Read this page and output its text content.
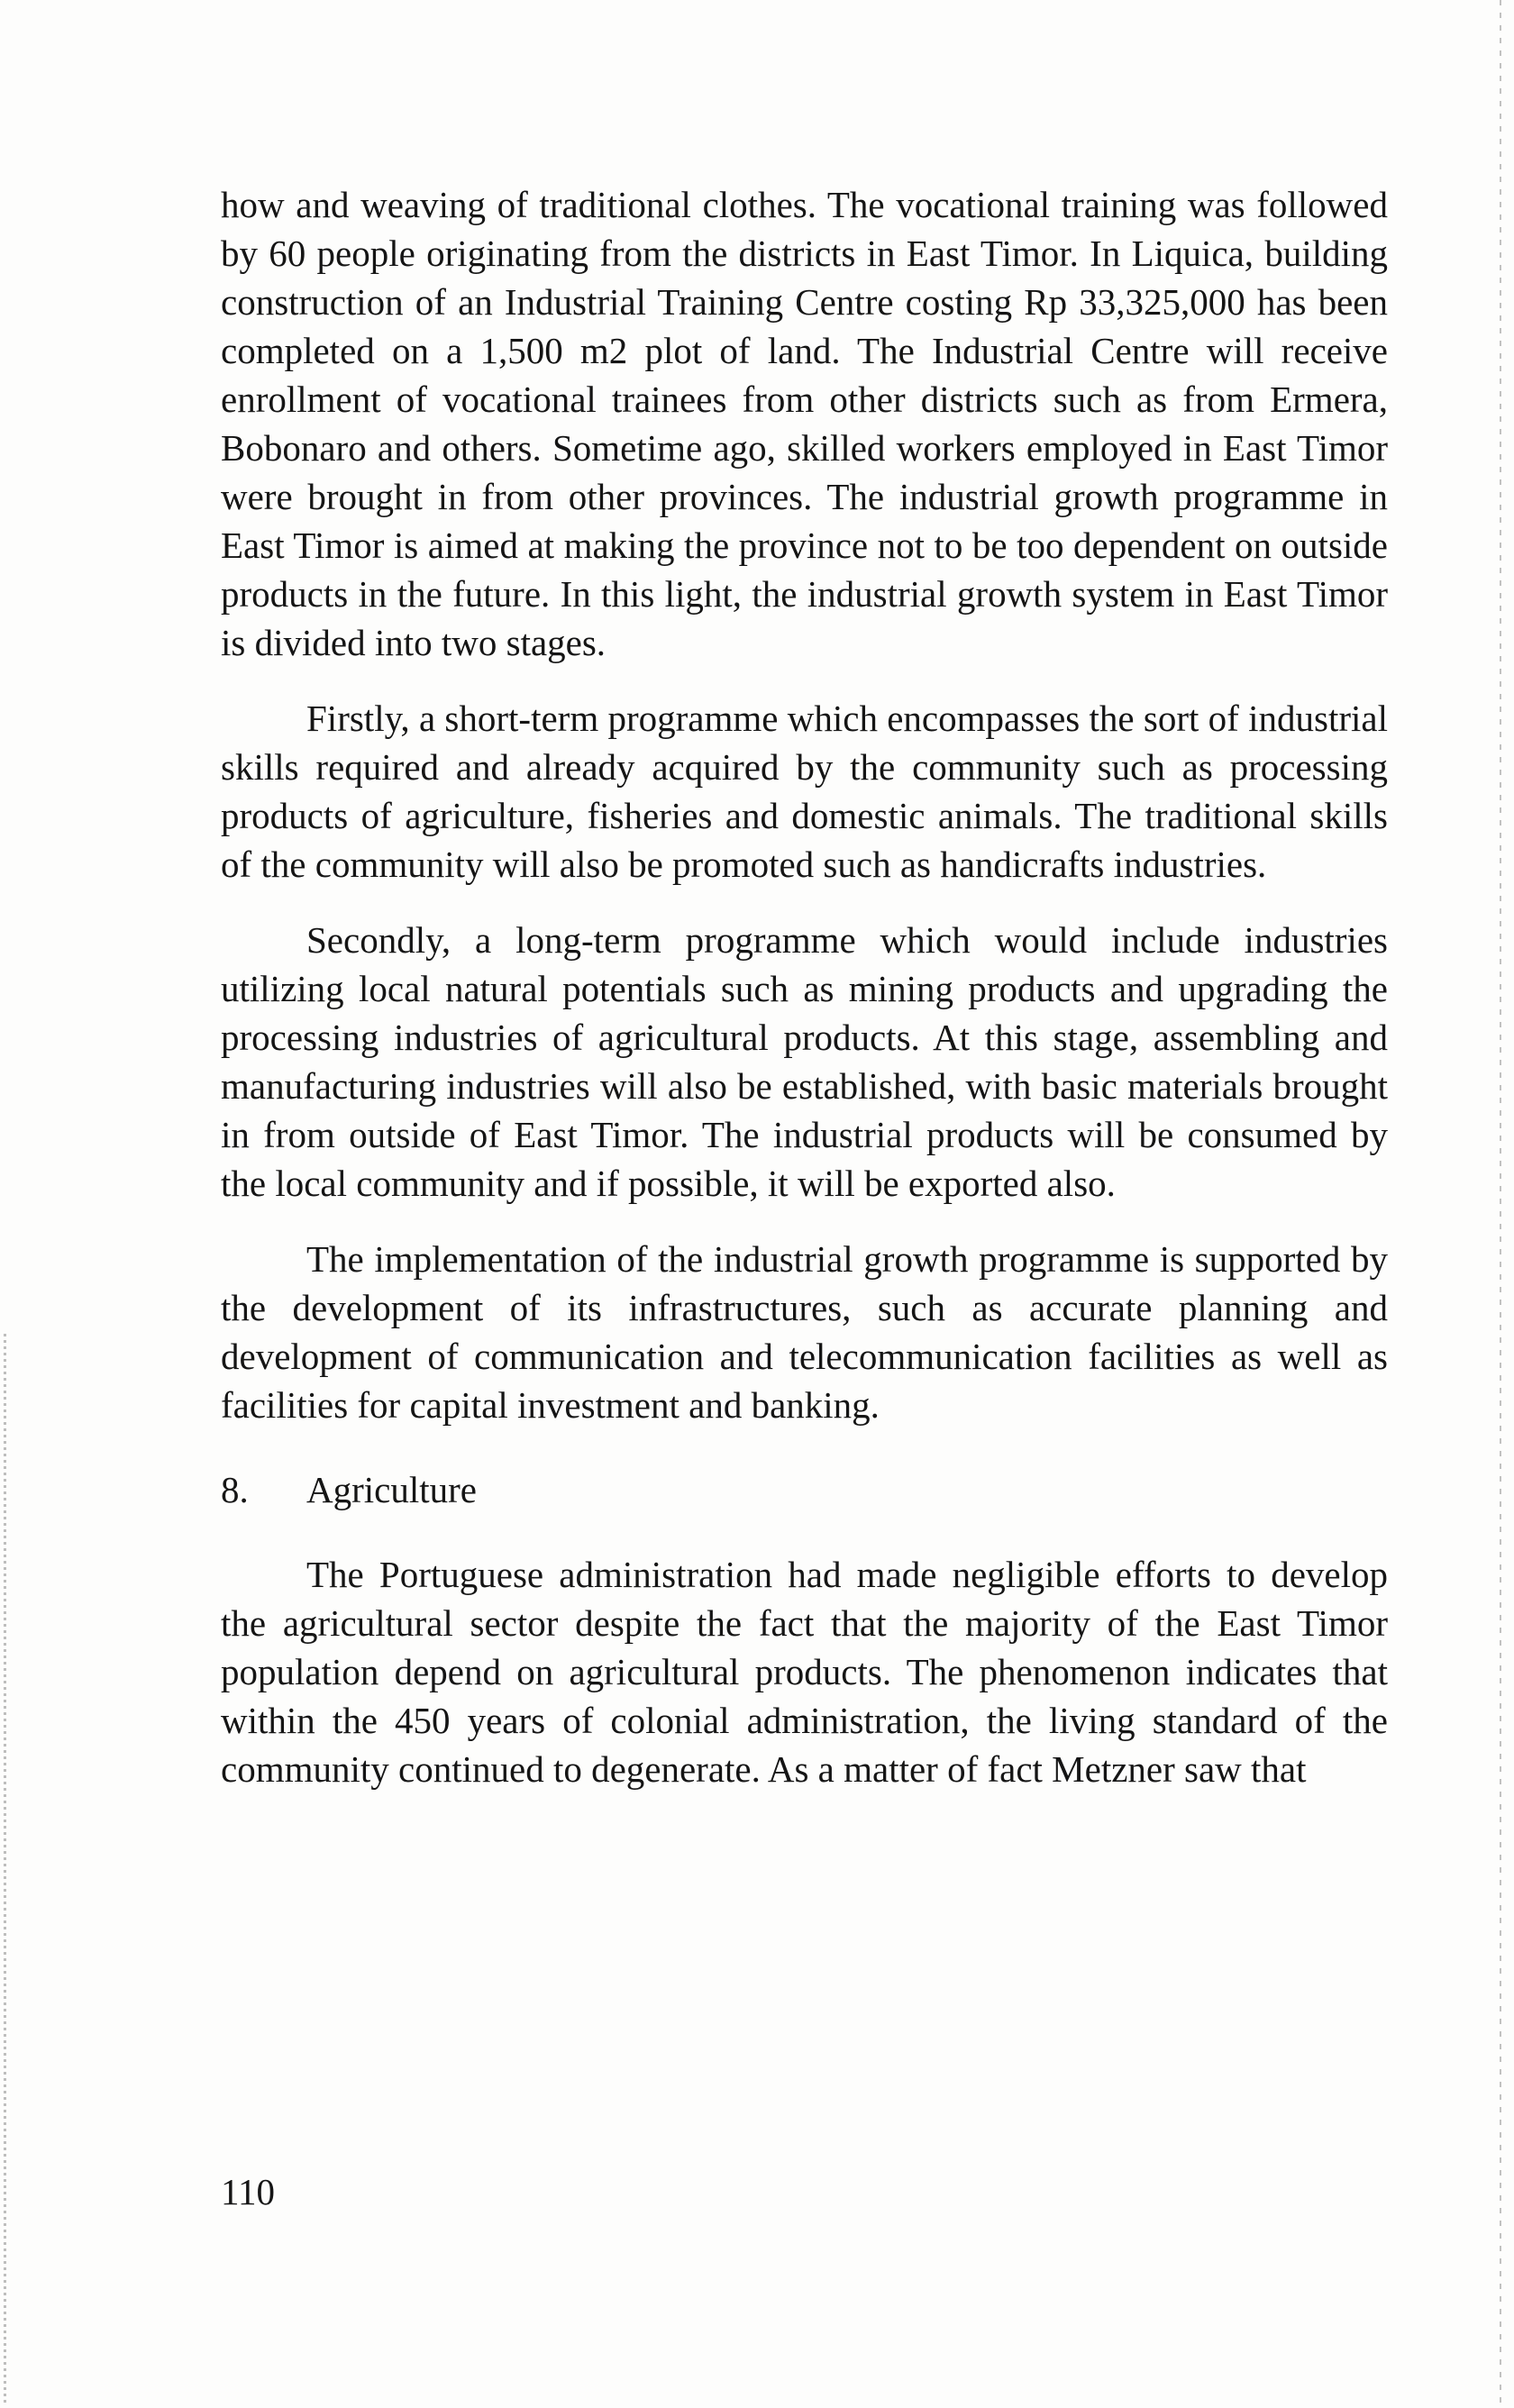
how and weaving of traditional clothes. The vocational training was followed by 60 people originating from the districts in East Timor. In Liquica, building construction of an Industrial Training Centre costing Rp 33,325,000 has been completed on a 1,500 m2 plot of land. The Industrial Centre will receive enrollment of vocational trainees from other districts such as from Ermera, Bobonaro and others. Sometime ago, skilled workers employed in East Timor were brought in from other provinces. The industrial growth programme in East Timor is aimed at making the province not to be too dependent on outside products in the future. In this light, the industrial growth system in East Timor is divided into two stages.

Firstly, a short-term programme which encompasses the sort of industrial skills required and already acquired by the community such as processing products of agriculture, fisheries and domestic animals. The traditional skills of the community will also be promoted such as handicrafts industries.

Secondly, a long-term programme which would include industries utilizing local natural potentials such as mining products and upgrading the processing industries of agricultural products. At this stage, assembling and manufacturing industries will also be established, with basic materials brought in from outside of East Timor. The industrial products will be consumed by the local community and if possible, it will be exported also.

The implementation of the industrial growth programme is supported by the development of its infrastructures, such as accurate planning and development of communication and telecommunication facilities as well as facilities for capital investment and banking.

8. Agriculture

The Portuguese administration had made negligible efforts to develop the agricultural sector despite the fact that the majority of the East Timor population depend on agricultural products. The phenomenon indicates that within the 450 years of colonial administration, the living standard of the community continued to degenerate. As a matter of fact Metzner saw that

110
